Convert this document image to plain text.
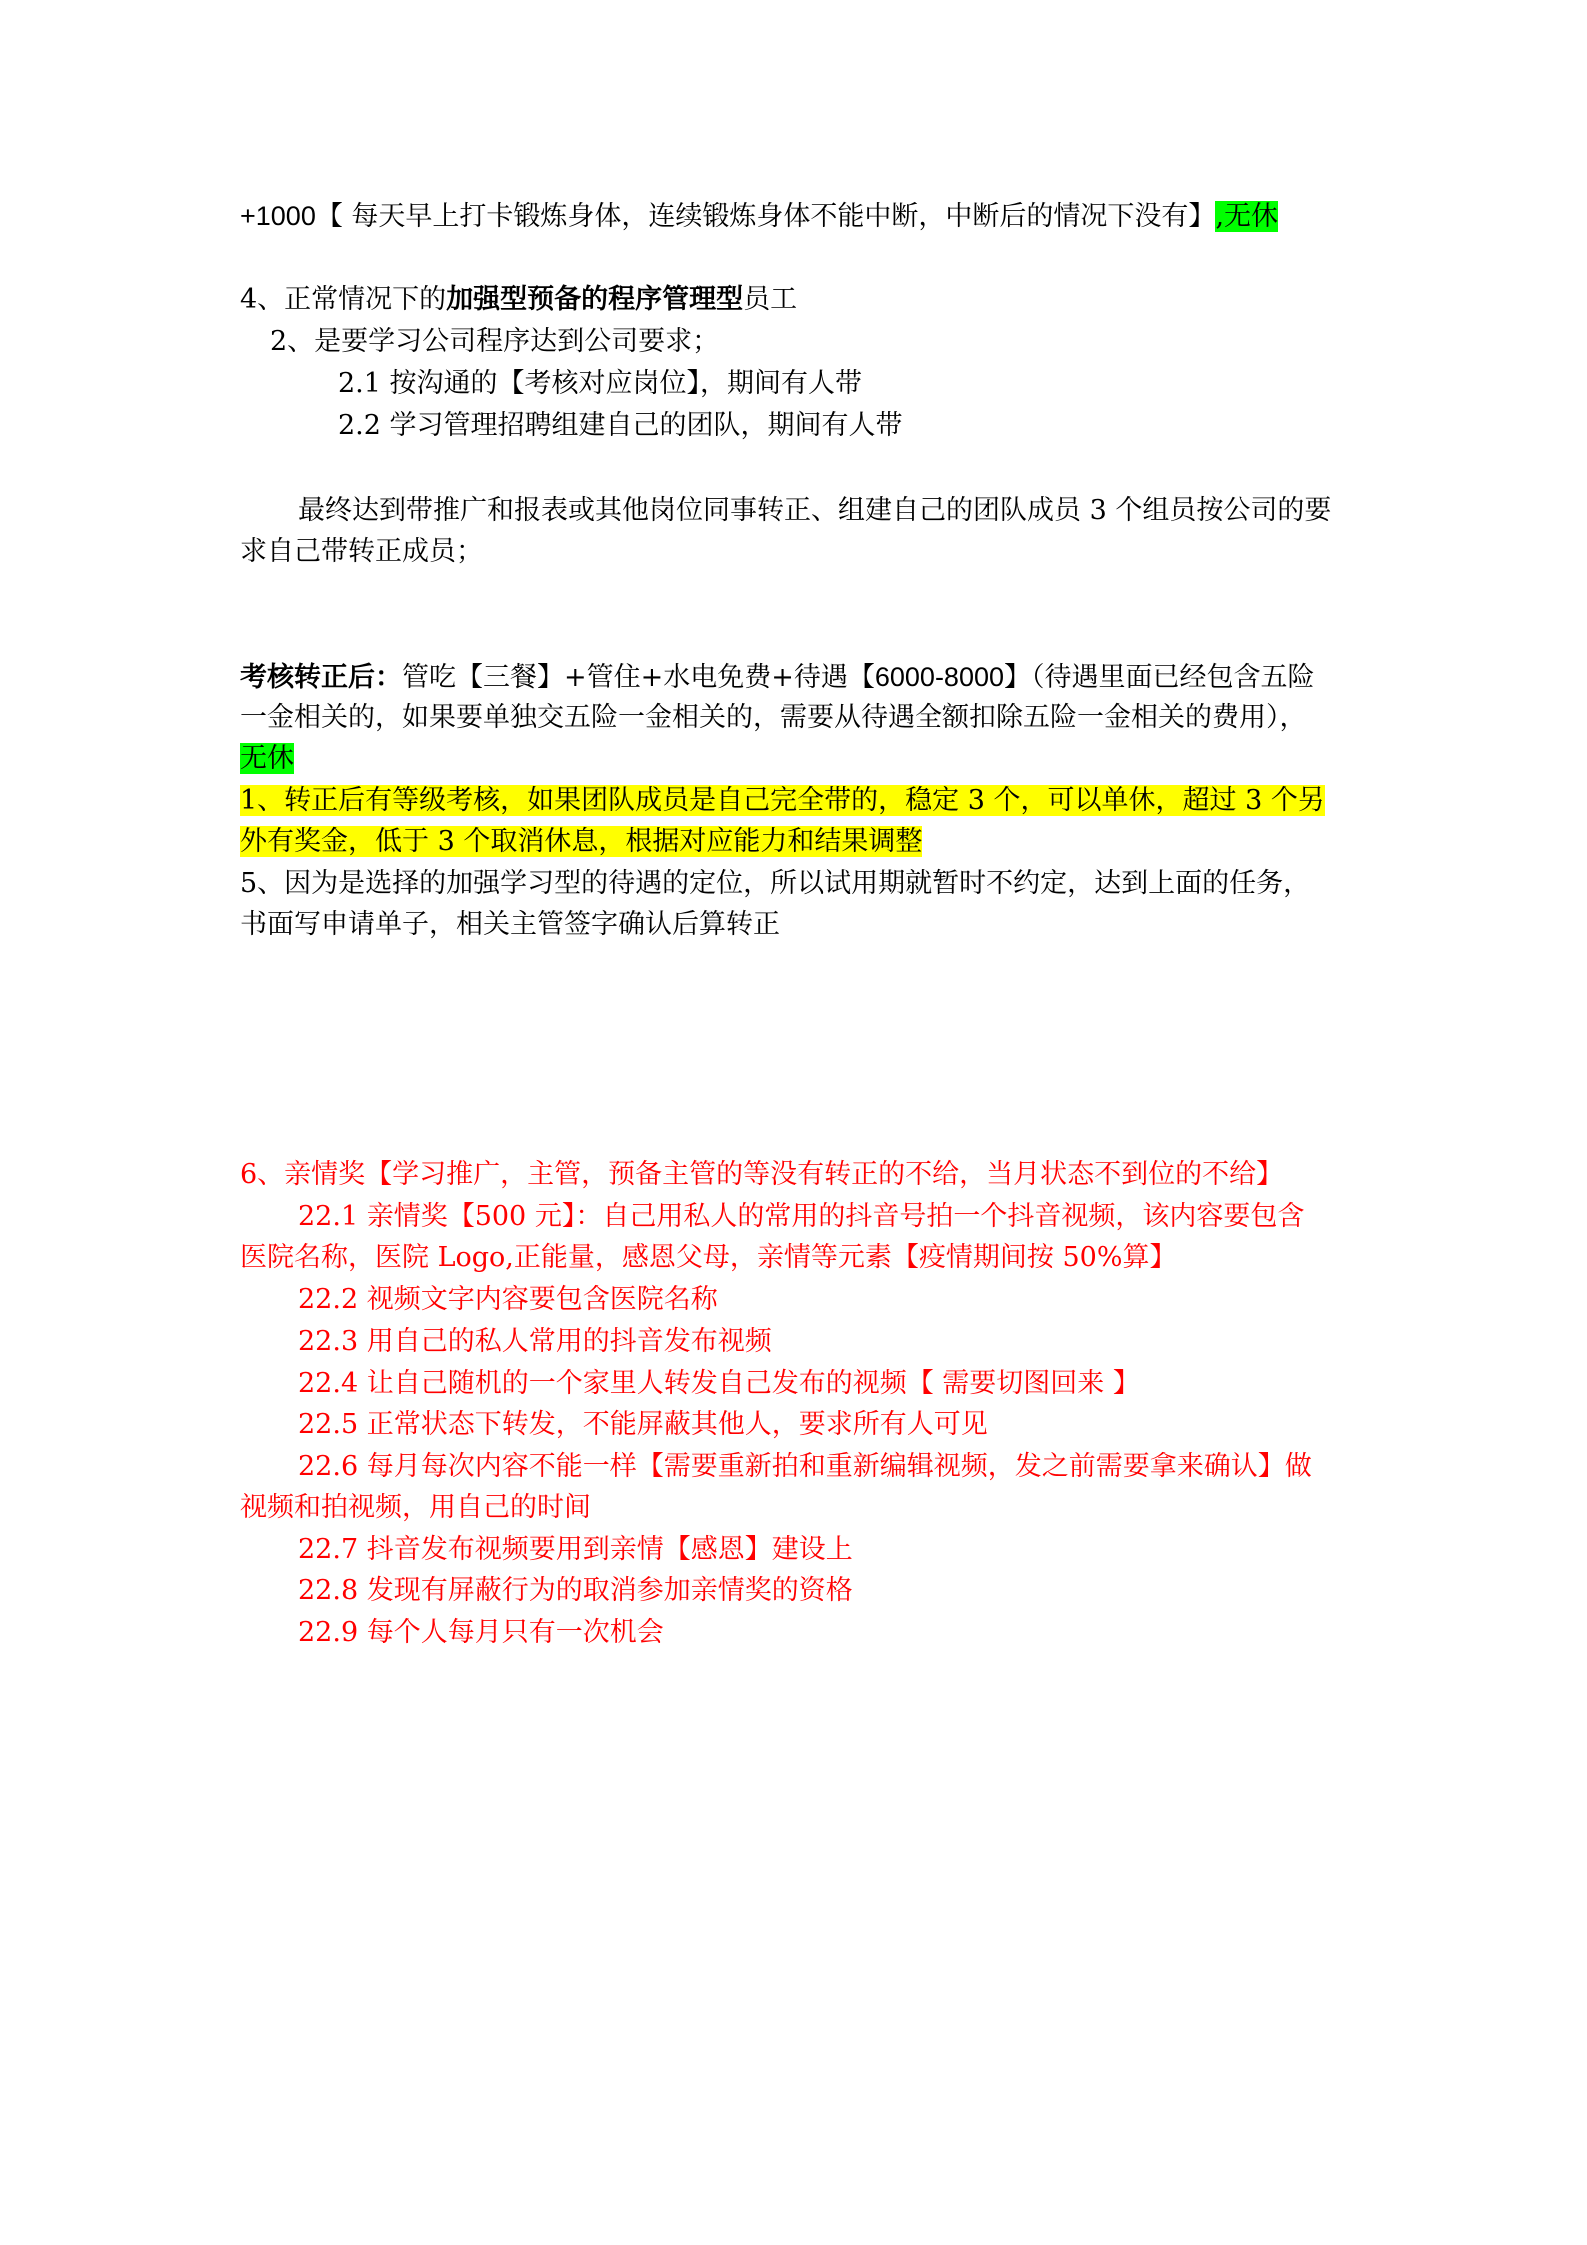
+1000【 每天早上打卡锻炼身体，连续锻炼身体不能中断，中断后的情况下没有】,无休
4、正常情况下的加强型预备的程序管理型员工
2、是要学习公司程序达到公司要求；
2.1 按沟通的【考核对应岗位】，期间有人带
2.2 学习管理招聘组建自己的团队，期间有人带
最终达到带推广和报表或其他岗位同事转正、组建自己的团队成员 3 个组员按公司的要
求自己带转正成员；
考核转正后：管吃【三餐】+管住+水电免费+待遇【6000-8000】（待遇里面已经包含五险
一金相关的，如果要单独交五险一金相关的，需要从待遇全额扣除五险一金相关的费用），
无休
1、转正后有等级考核，如果团队成员是自己完全带的，稳定 3 个，可以单休，超过 3 个另
外有奖金，低于 3 个取消休息，根据对应能力和结果调整
5、因为是选择的加强学习型的待遇的定位，所以试用期就暂时不约定，达到上面的任务，
书面写申请单子，相关主管签字确认后算转正
6、亲情奖【学习推广，主管，预备主管的等没有转正的不给，当月状态不到位的不给】
22.1 亲情奖【500 元】：自己用私人的常用的抖音号拍一个抖音视频，该内容要包含
医院名称，医院 Logo,正能量，感恩父母，亲情等元素【疫情期间按 50%算】
22.2 视频文字内容要包含医院名称
22.3 用自己的私人常用的抖音发布视频
22.4 让自己随机的一个家里人转发自己发布的视频【 需要切图回来 】
22.5 正常状态下转发，不能屏蔽其他人，要求所有人可见
22.6 每月每次内容不能一样【需要重新拍和重新编辑视频，发之前需要拿来确认】做
视频和拍视频，用自己的时间
22.7 抖音发布视频要用到亲情【感恩】建设上
22.8 发现有屏蔽行为的取消参加亲情奖的资格
22.9 每个人每月只有一次机会
